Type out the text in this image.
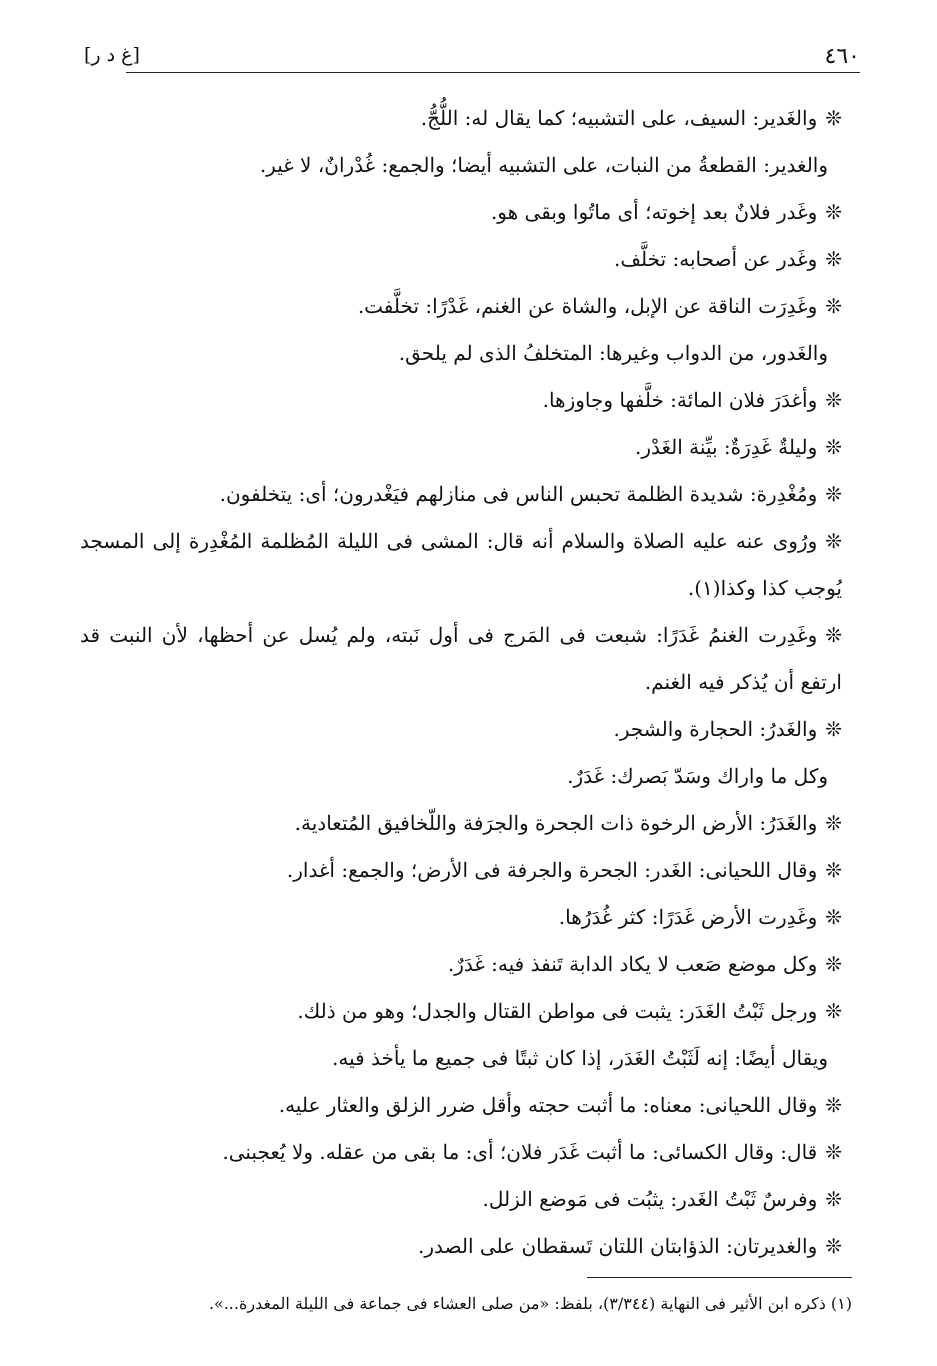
٤٦٠
[غ د ر]
❊والغَدير: السيف، على التشبيه؛ كما يقال له: اللُّجُّ.
والغدير: القطعةُ من النبات، على التشبيه أيضا؛ والجمع: غُدْرانٌ، لا غير.
❊وغَدر فلانٌ بعد إخوته؛ أى ماتُوا وبقى هو.
❊وغَدر عن أصحابه: تخلَّف.
❊وغَدِرَت الناقة عن الإبل، والشاة عن الغنم، غَدْرًا: تخلَّفت.
والغَدور، من الدواب وغيرها: المتخلفُ الذى لم يلحق.
❊وأغدَرَ فلان المائة: خلَّفها وجاوزها.
❊وليلةٌ غَدِرَةٌ: بيِّنة الغَدْر.
❊ومُغْدِرة: شديدة الظلمة تحبس الناس فى منازلهم فيَغْدرون؛ أى: يتخلفون.
❊ورُوى عنه عليه الصلاة والسلام أنه قال: المشى فى الليلة المُظلمة المُغْدِرة إلى المسجد يُوجب كذا وكذا(١).
❊وغَدِرت الغنمُ غَدَرًا: شبعت فى المَرج فى أول نَبته، ولم يُسل عن أحظها، لأن النبت قد ارتفع أن يُذكر فيه الغنم.
❊والغَدرُ: الحجارة والشجر.
وكل ما واراك وسَدّ بَصرك: غَدَرٌ.
❊والغَدَرُ: الأرض الرخوة ذات الجحرة والجرَفة واللّخافيق المُتعادية.
❊وقال اللحيانى: الغَدر: الجحرة والجرفة فى الأرض؛ والجمع: أغدار.
❊وغَدِرت الأرض غَدَرًا: كثر غُدَرُها.
❊وكل موضع صَعب لا يكاد الدابة تَنفذ فيه: غَدَرٌ.
❊ورجل ثَبْتُ الغَدَر: يثبت فى مواطن القتال والجدل؛ وهو من ذلك.
ويقال أيضًا: إنه لَثَبْتُ الغَدَر، إذا كان ثبتًا فى جميع ما يأخذ فيه.
❊وقال اللحيانى: معناه: ما أثبت حجته وأقل ضرر الزلق والعثار عليه.
❊قال: وقال الكسائى: ما أثبت غَدَر فلان؛ أى: ما بقى من عقله. ولا يُعجبنى.
❊وفرسٌ ثَبْتُ الغَدر: يثبُت فى مَوضع الزلل.
❊والغديرتان: الذؤابتان اللتان تَسقطان على الصدر.
(١) ذكره ابن الأثير فى النهاية (٣/٣٤٤)، بلفظ: «من صلى العشاء فى جماعة فى الليلة المغدرة...».
